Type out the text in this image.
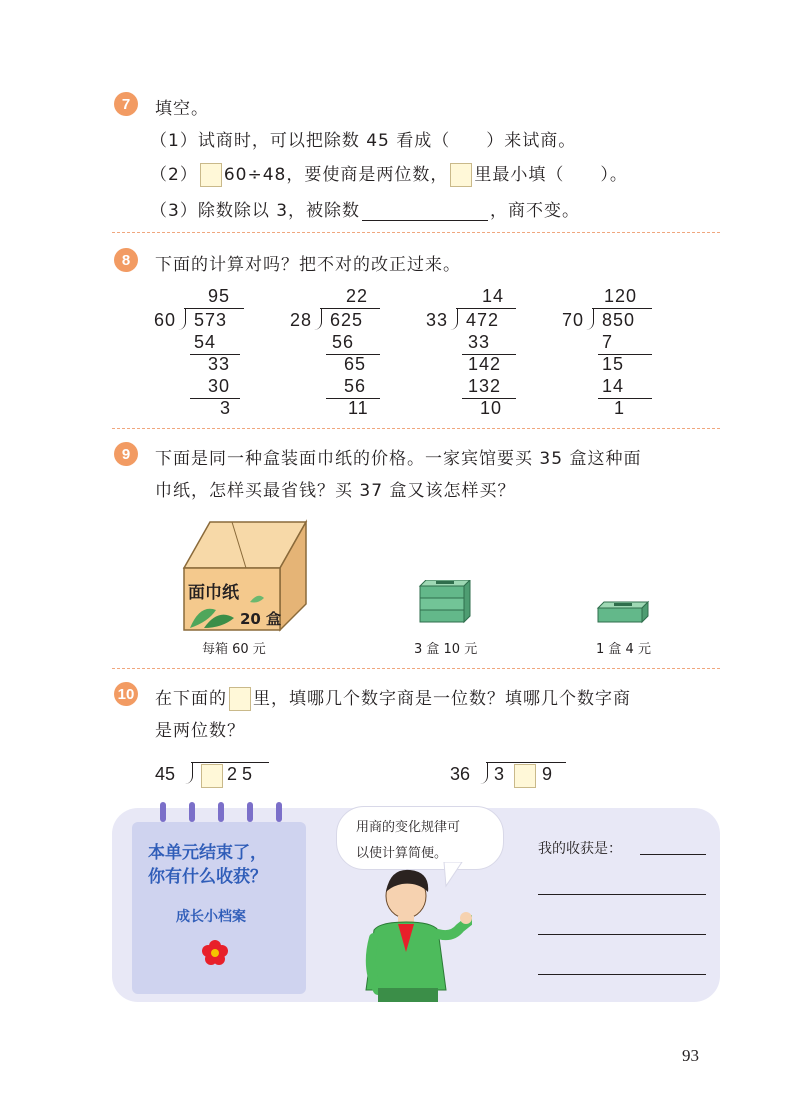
7	填空。
（1）试商时，可以把除数 45 看成（　　）来试商。
（2） 60÷48，要使商是两位数， 里最小填（　　）。
（3）除数除以 3，被除数	，商不变。
8	下面的计算对吗？把不对的改正过来。
95
60 573
54
33
30
3
22
28 625
56
65
56
11
14
33 472
33
142
132
10
120
70 850
7
15
14
1
9	下面是同一种盒装面巾纸的价格。一家宾馆要买 35 盒这种面
巾纸，怎样买最省钱？买 37 盒又该怎样买？
面巾纸
20 盒
每箱 60 元	3 盒 10 元	1 盒 4 元
10 在下面的 里，填哪几个数字商是一位数？填哪几个数字商
是两位数？
45	2 5	36 3 9
本单元结束了，
你有什么收获？
成长小档案
用商的变化规律可
以使计算简便。	我的收获是：
93
